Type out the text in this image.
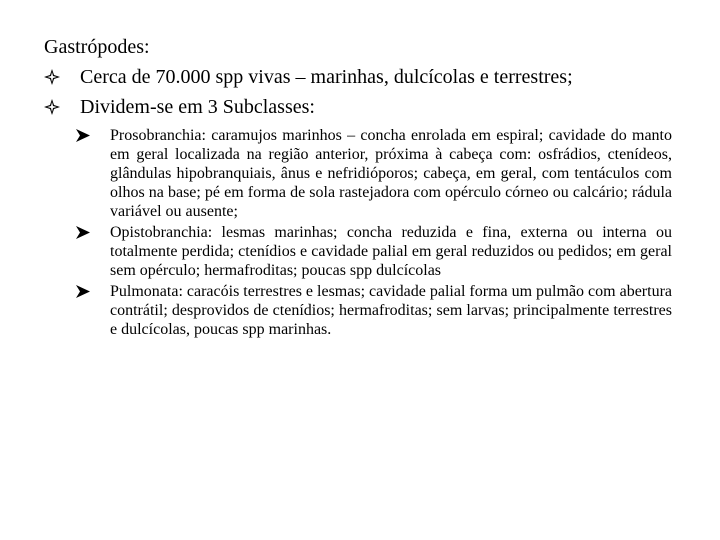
Gastrópodes:
Cerca de 70.000 spp vivas – marinhas, dulcícolas e terrestres;
Dividem-se em 3 Subclasses:
Prosobranchia: caramujos marinhos – concha enrolada em espiral; cavidade do manto em geral localizada na região anterior, próxima à cabeça com: osfrádios, ctenídeos, glândulas hipobranquiais, ânus e nefridióporos; cabeça, em geral, com tentáculos com olhos na base; pé em forma de sola rastejadora com opérculo córneo ou calcário; rádula variável ou ausente;
Opistobranchia: lesmas marinhas; concha reduzida e fina, externa ou interna ou totalmente perdida; ctenídios e cavidade palial em geral reduzidos ou pedidos; em geral sem opérculo; hermafroditas; poucas spp dulcícolas
Pulmonata: caracóis terrestres e lesmas; cavidade palial forma um pulmão com abertura contrátil; desprovidos de ctenídios; hermafroditas; sem larvas; principalmente terrestres e dulcícolas, poucas spp marinhas.
